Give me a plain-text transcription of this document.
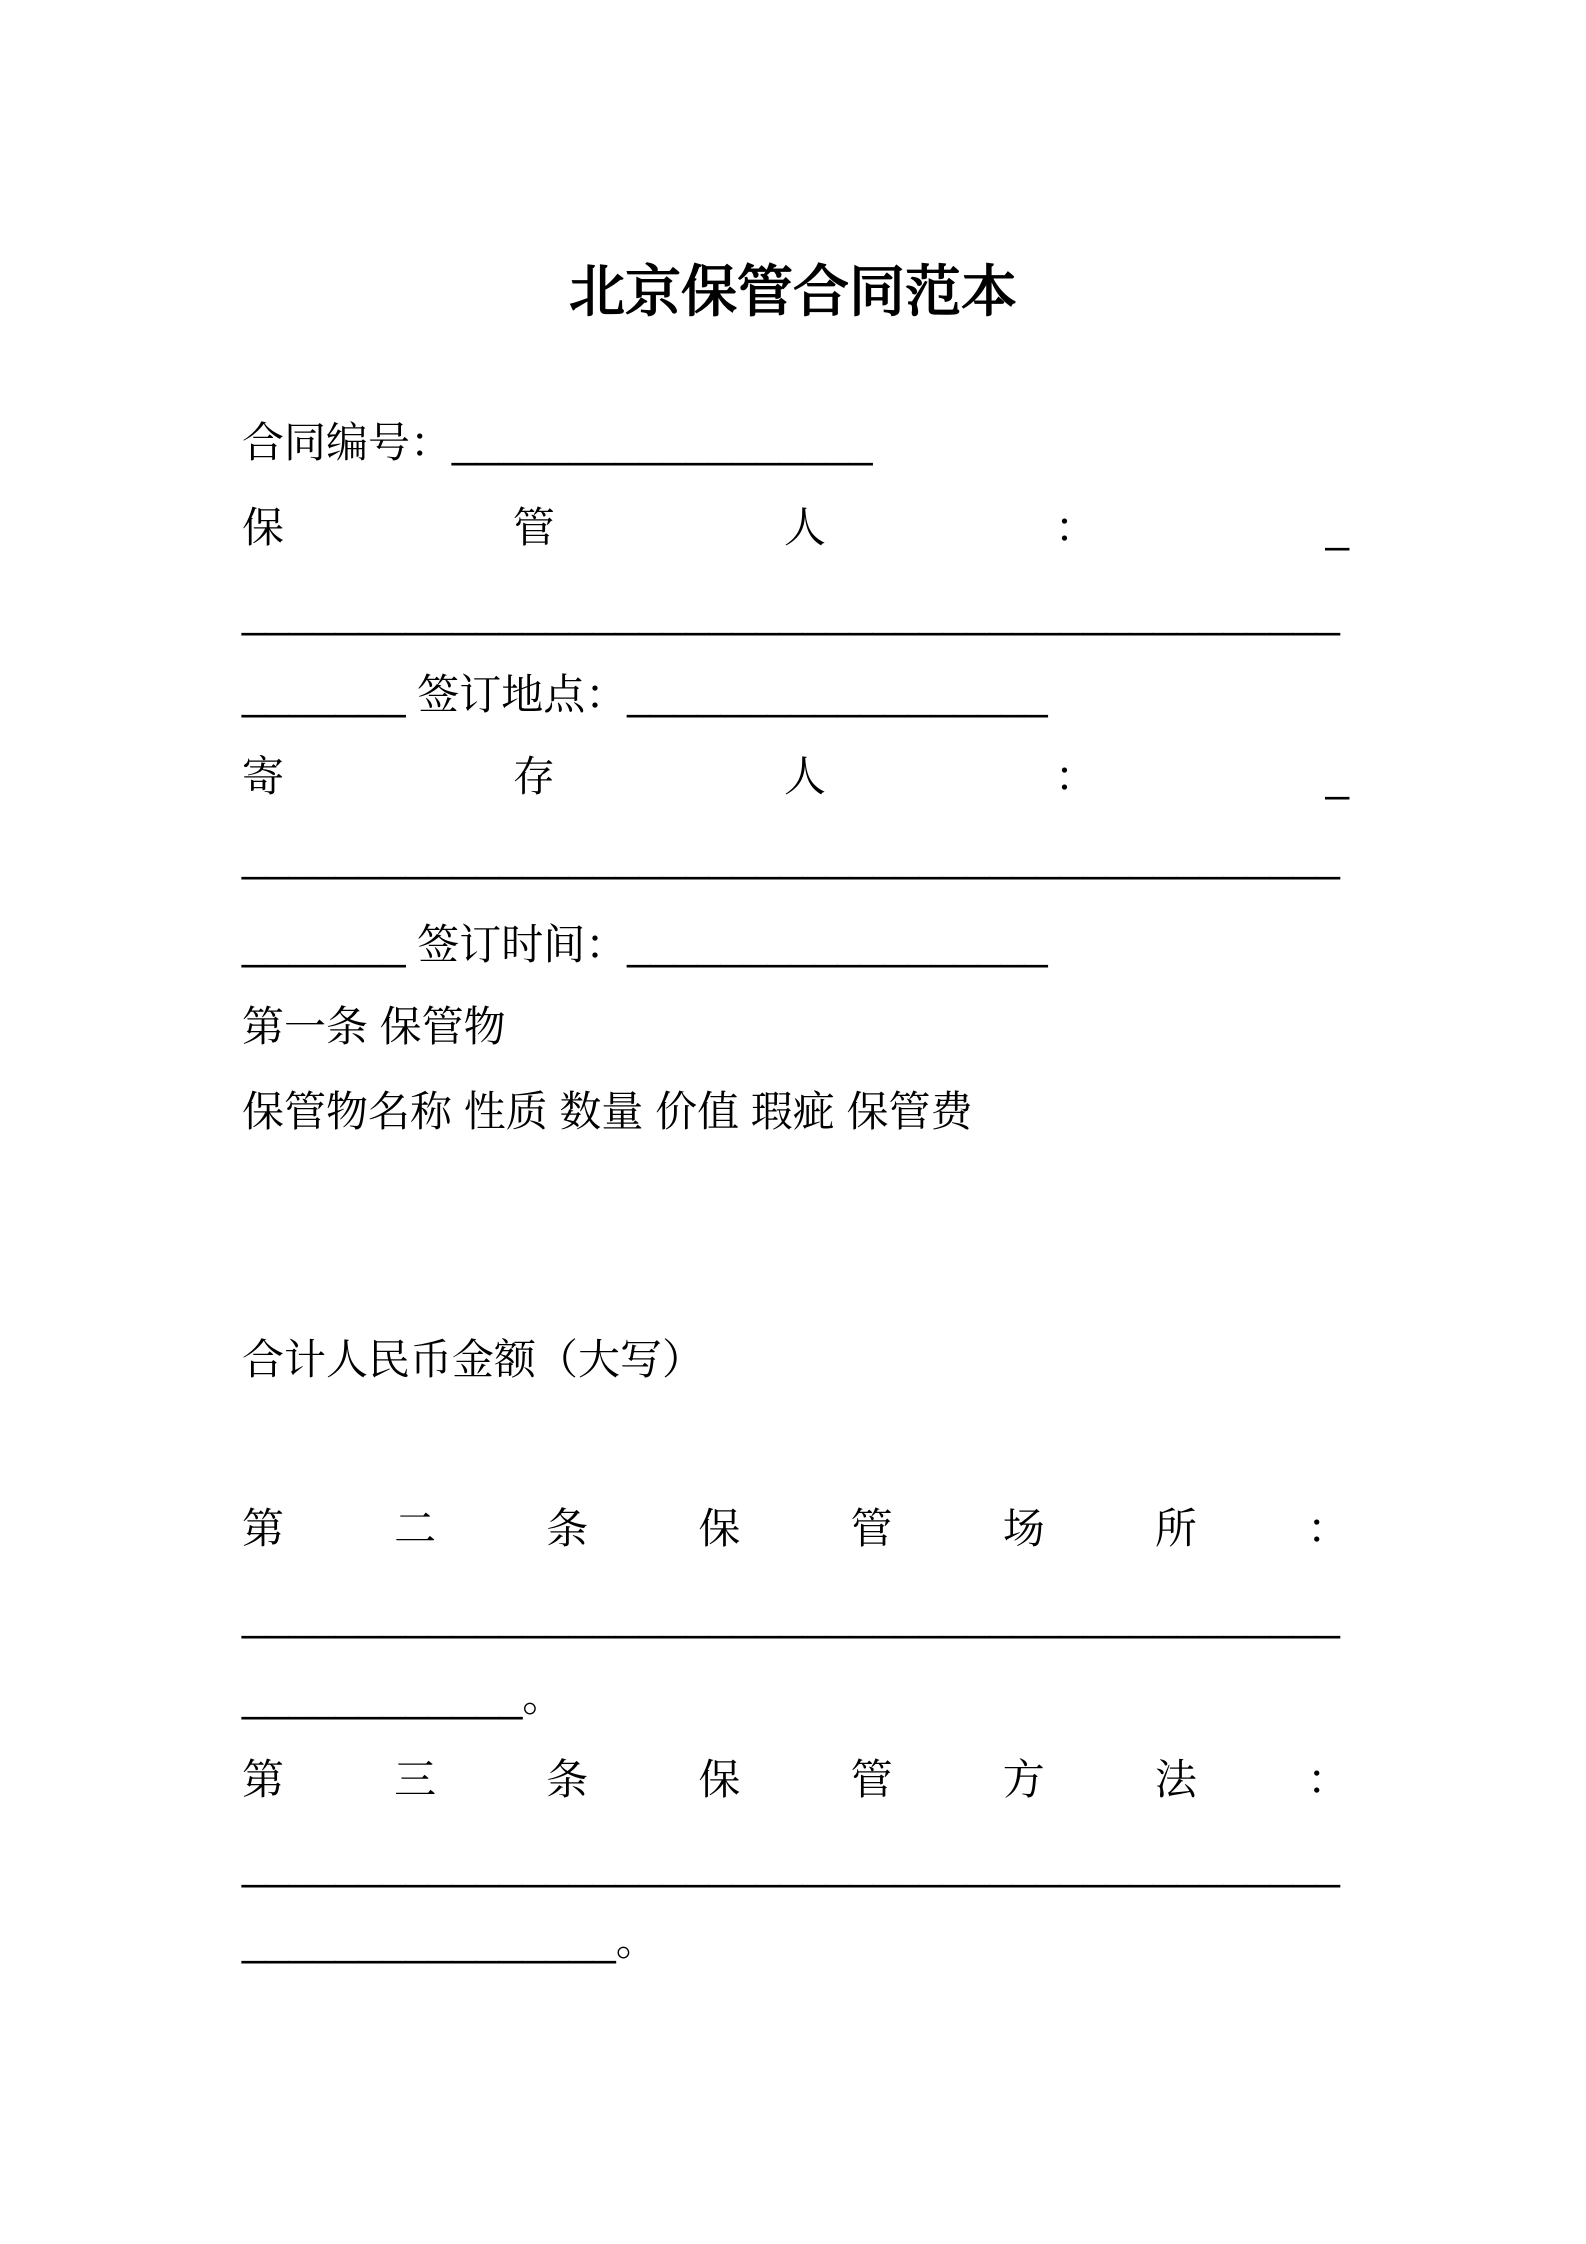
北京保管合同范本
合同编号：__________________
保	管	人	：	_
_______________________________________________
_______ 签订地点：__________________
寄	存	人	：	_
_______________________________________________
_______ 签订时间：__________________
第一条 保管物
保管物名称 性质 数量 价值 瑕疵 保管费
合计人民币金额（大写）
第	二	条	保	管	场	所	：
_______________________________________________
____________。
第	三	条	保	管	方	法	：
_______________________________________________
________________。
